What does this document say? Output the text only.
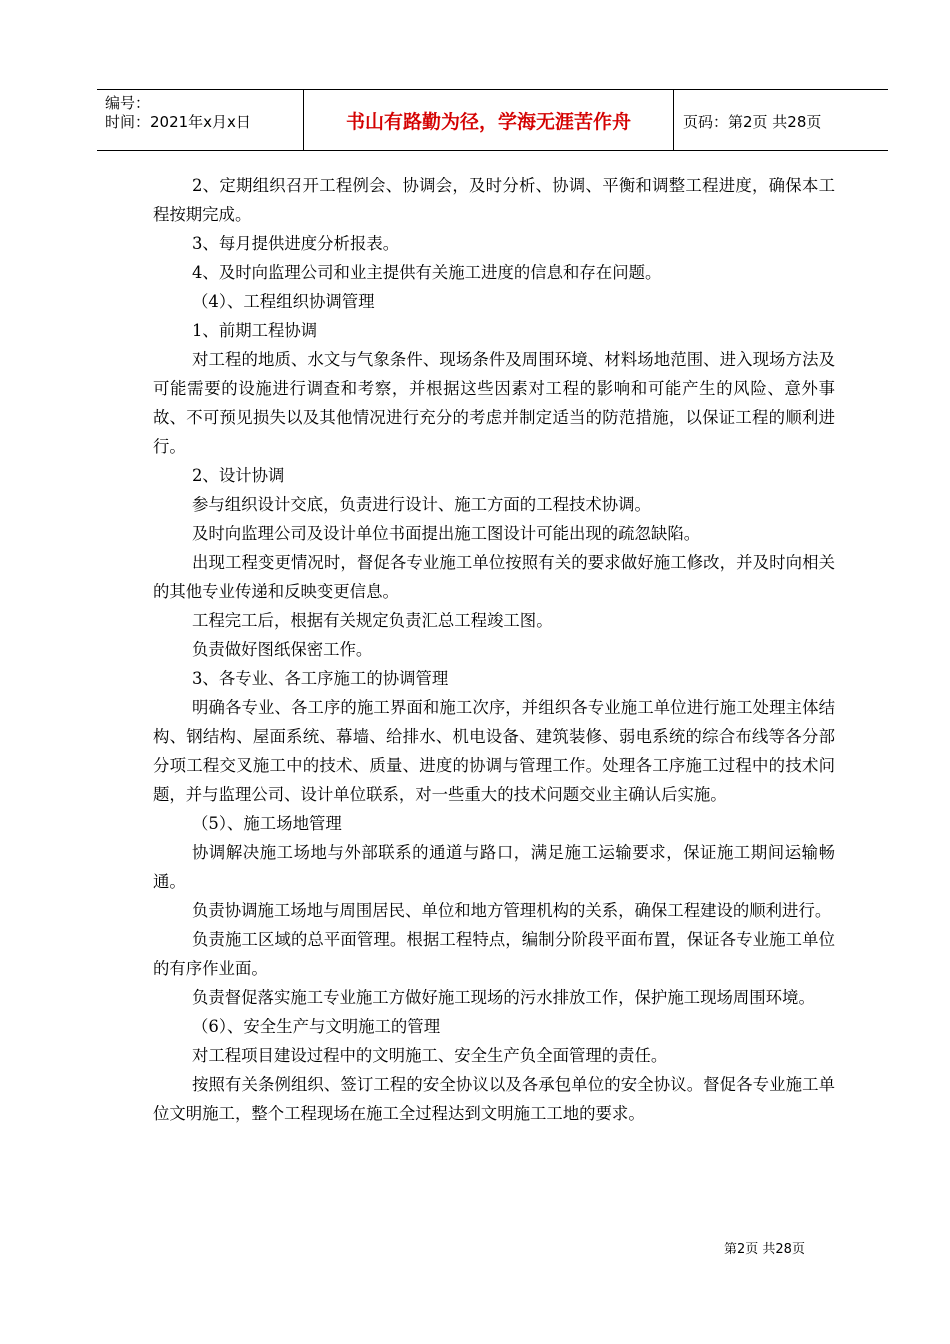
编号：
时间：2021年x月x日	书山有路勤为径，学海无涯苦作舟	页码：第2页 共28页

2、定期组织召开工程例会、协调会，及时分析、协调、平衡和调整工程进度，确保本工程按期完成。

3、每月提供进度分析报表。

4、及时向监理公司和业主提供有关施工进度的信息和存在问题。

（4）、工程组织协调管理

1、前期工程协调

对工程的地质、水文与气象条件、现场条件及周围环境、材料场地范围、进入现场方法及可能需要的设施进行调查和考察，并根据这些因素对工程的影响和可能产生的风险、意外事故、不可预见损失以及其他情况进行充分的考虑并制定适当的防范措施，以保证工程的顺利进行。

2、设计协调

参与组织设计交底，负责进行设计、施工方面的工程技术协调。

及时向监理公司及设计单位书面提出施工图设计可能出现的疏忽缺陷。

出现工程变更情况时，督促各专业施工单位按照有关的要求做好施工修改，并及时向相关的其他专业传递和反映变更信息。

工程完工后，根据有关规定负责汇总工程竣工图。

负责做好图纸保密工作。

3、各专业、各工序施工的协调管理

明确各专业、各工序的施工界面和施工次序，并组织各专业施工单位进行施工处理主体结构、钢结构、屋面系统、幕墙、给排水、机电设备、建筑装修、弱电系统的综合布线等各分部分项工程交叉施工中的技术、质量、进度的协调与管理工作。处理各工序施工过程中的技术问题，并与监理公司、设计单位联系，对一些重大的技术问题交业主确认后实施。

（5）、施工场地管理

协调解决施工场地与外部联系的通道与路口，满足施工运输要求，保证施工期间运输畅通。

负责协调施工场地与周围居民、单位和地方管理机构的关系，确保工程建设的顺利进行。

负责施工区域的总平面管理。根据工程特点，编制分阶段平面布置，保证各专业施工单位的有序作业面。

负责督促落实施工专业施工方做好施工现场的污水排放工作，保护施工现场周围环境。

（6）、安全生产与文明施工的管理

对工程项目建设过程中的文明施工、安全生产负全面管理的责任。

按照有关条例组织、签订工程的安全协议以及各承包单位的安全协议。督促各专业施工单位文明施工，整个工程现场在施工全过程达到文明施工工地的要求。

第2页 共28页
